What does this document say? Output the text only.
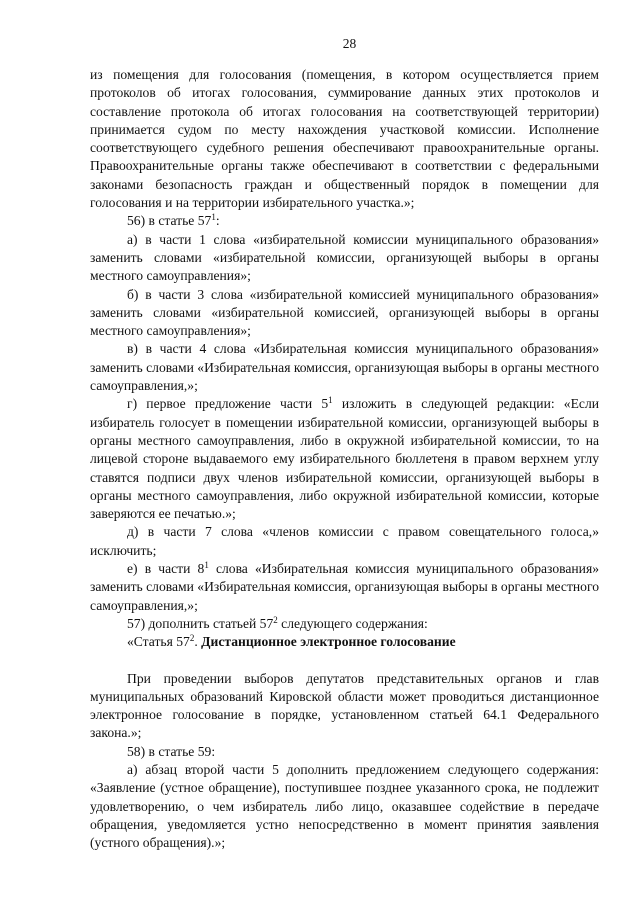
28

из помещения для голосования (помещения, в котором осуществляется прием протоколов об итогах голосования, суммирование данных этих протоколов и составление протокола об итогах голосования на соответствующей территории) принимается судом по месту нахождения участковой комиссии. Исполнение соответствующего судебного решения обеспечивают правоохранительные органы. Правоохранительные органы также обеспечивают в соответствии с федеральными законами безопасность граждан и общественный порядок в помещении для голосования и на территории избирательного участка.»;

56) в статье $57^1$:

а) в части 1 слова «избирательной комиссии муниципального образования» заменить словами «избирательной комиссии, организующей выборы в органы местного самоуправления»;

б) в части 3 слова «избирательной комиссией муниципального образования» заменить словами «избирательной комиссией, организующей выборы в органы местного самоуправления»;

в) в части 4 слова «Избирательная комиссия муниципального образования» заменить словами «Избирательная комиссия, организующая выборы в органы местного самоуправления,»;

г) первое предложение части $5^1$ изложить в следующей редакции: «Если избиратель голосует в помещении избирательной комиссии, организующей выборы в органы местного самоуправления, либо в окружной избирательной комиссии, то на лицевой стороне выдаваемого ему избирательного бюллетеня в правом верхнем углу ставятся подписи двух членов избирательной комиссии, организующей выборы в органы местного самоуправления, либо окружной избирательной комиссии, которые заверяются ее печатью.»;

д) в части 7 слова «членов комиссии с правом совещательного голоса,» исключить;

е) в части $8^1$ слова «Избирательная комиссия муниципального образования» заменить словами «Избирательная комиссия, организующая выборы в органы местного самоуправления,»;

57) дополнить статьей $57^2$ следующего содержания:

«Статья $57^2$. Дистанционное электронное голосование

При проведении выборов депутатов представительных органов и глав муниципальных образований Кировской области может проводиться дистанционное электронное голосование в порядке, установленном статьей 64.1 Федерального закона.»;

58) в статье 59:

а) абзац второй части 5 дополнить предложением следующего содержания: «Заявление (устное обращение), поступившее позднее указанного срока, не подлежит удовлетворению, о чем избиратель либо лицо, оказавшее содействие в передаче обращения, уведомляется устно непосредственно в момент принятия заявления (устного обращения).»;
